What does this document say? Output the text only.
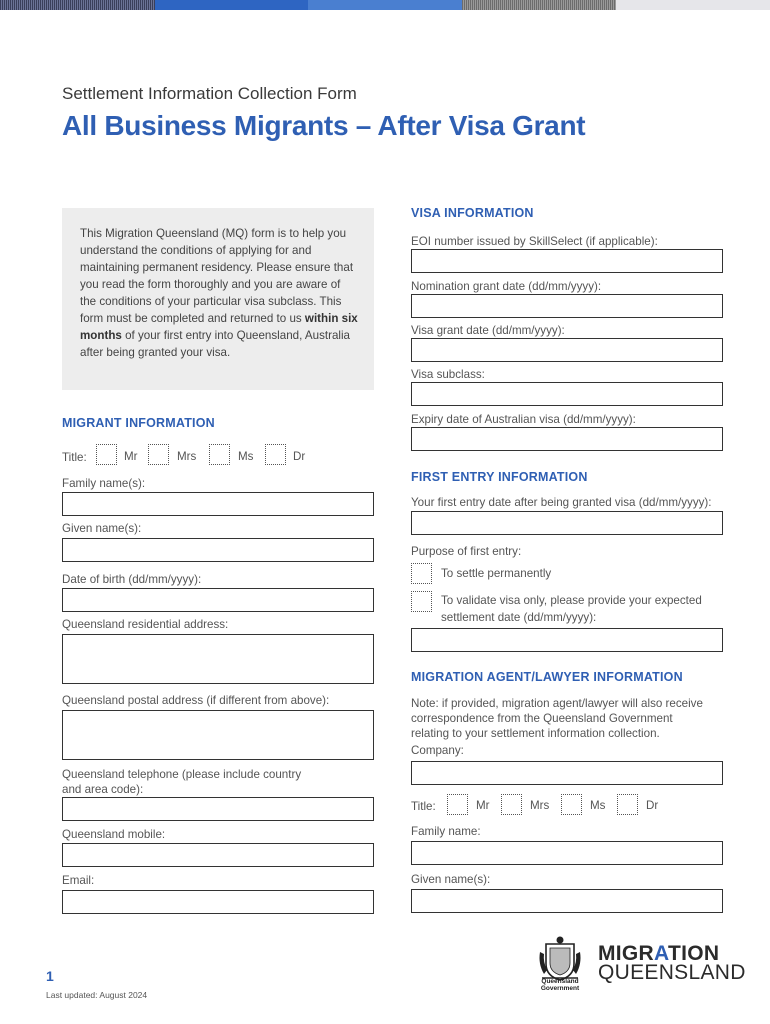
Settlement Information Collection Form
All Business Migrants – After Visa Grant
This Migration Queensland (MQ) form is to help you understand the conditions of applying for and maintaining permanent residency. Please ensure that you read the form thoroughly and you are aware of the conditions of your particular visa subclass. This form must be completed and returned to us within six months of your first entry into Queensland, Australia after being granted your visa.
MIGRANT INFORMATION
Title:	Mr	Mrs	Ms	Dr
Family name(s):
Given name(s):
Date of birth (dd/mm/yyyy):
Queensland residential address:
Queensland postal address (if different from above):
Queensland telephone (please include country
and area code):
Queensland mobile:
Email:
VISA INFORMATION
EOI number issued by SkillSelect (if applicable):
Nomination grant date (dd/mm/yyyy):
Visa grant date (dd/mm/yyyy):
Visa subclass:
Expiry date of Australian visa (dd/mm/yyyy):
FIRST ENTRY INFORMATION
Your first entry date after being granted visa (dd/mm/yyyy):
Purpose of first entry:
To settle permanently
To validate visa only, please provide your expected
settlement date (dd/mm/yyyy):
MIGRATION AGENT/LAWYER INFORMATION
Note: if provided, migration agent/lawyer will also receive
correspondence from the Queensland Government
relating to your settlement information collection.
Company:
Title:	Mr	Mrs	Ms	Dr
Family name:
Given name(s):
1
Last updated: August 2024
Queensland
Government
MIGRATION
QUEENSLAND
